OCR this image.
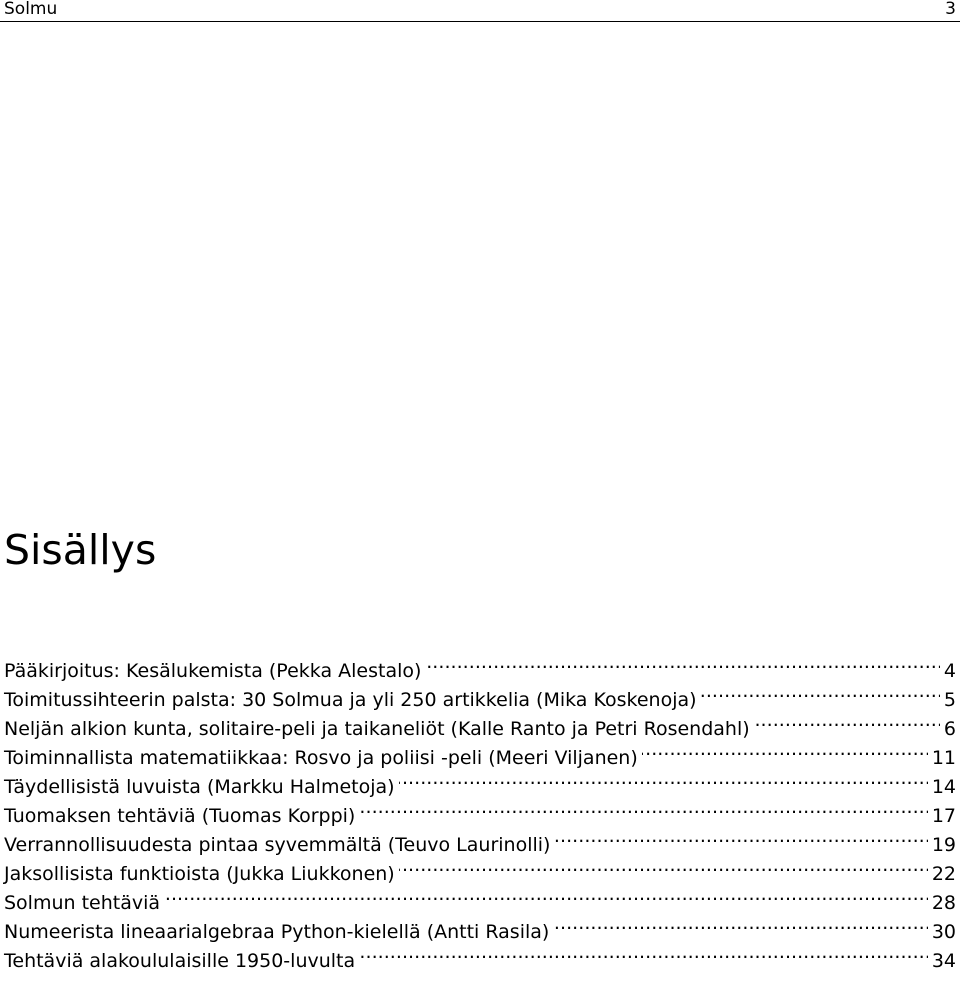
Solmu	3
Sisällys
Pääkirjoitus: Kesälukemista (Pekka Alestalo) . . .	4
Toimitussihteerin palsta: 30 Solmua ja yli 250 artikkelia (Mika Koskenoja) . . .	5
Neljän alkion kunta, solitaire-peli ja taikaneliöt (Kalle Ranto ja Petri Rosendahl) . . .	6
Toiminnallista matematiikkaa: Rosvo ja poliisi -peli (Meeri Viljanen) . . .	11
Täydellisistä luvuista (Markku Halmetoja) . . .	14
Tuomaksen tehtäviä (Tuomas Korppi) . . .	17
Verrannollisuudesta pintaa syvemmältä (Teuvo Laurinolli) . . .	19
Jaksollisista funktioista (Jukka Liukkonen) . . .	22
Solmun tehtäviä . . .	28
Numeerista lineaarialgebraa Python-kielellä (Antti Rasila) . . .	30
Tehtäviä alakoululaisille 1950-luvulta . . .	34
